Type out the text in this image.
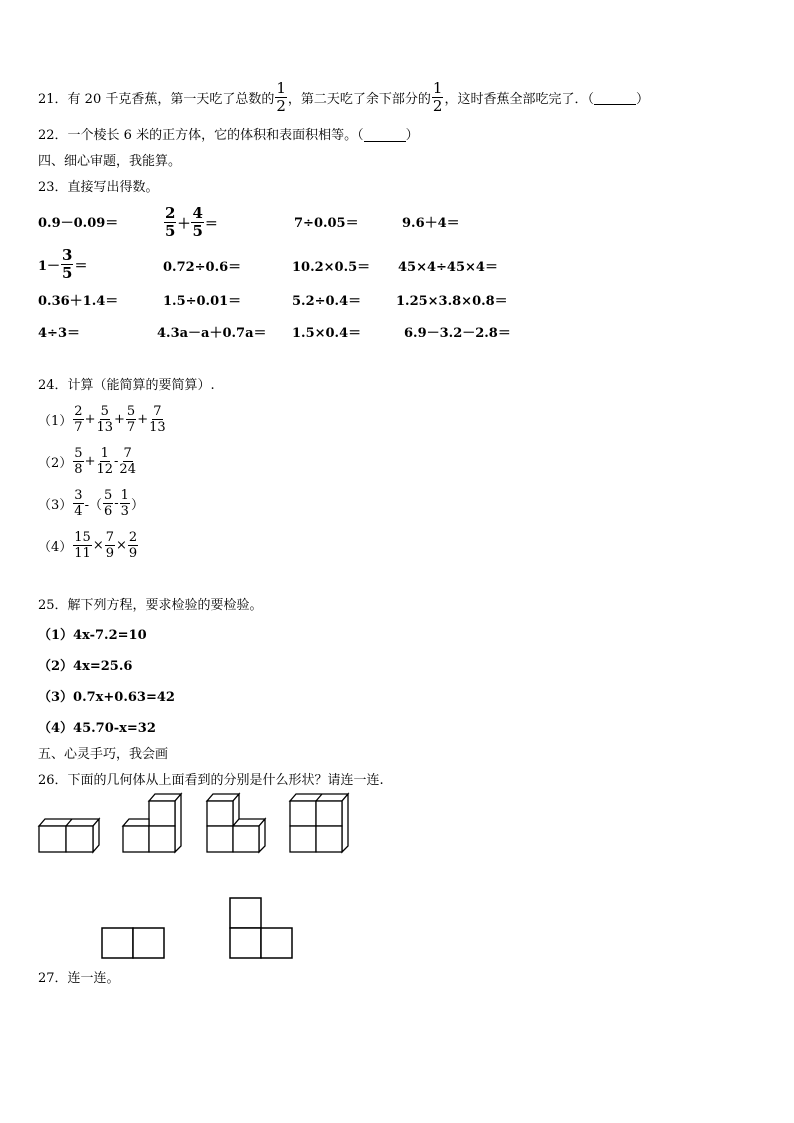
21．有 20 千克香蕉，第一天吃了总数的 $\frac{1}{2}$ ，第二天吃了余下部分的 $\frac{1}{2}$ ，这时香蕉全部吃完了．（
	）
22．一个棱长 6 米的正方体，它的体积和表面积相等。（
	）
四、细心审题，我能算。
23．直接写出得数。
0.9－0.09＝	$\frac{2}{5} + \frac{4}{5}$ ＝	7÷0.05＝	9.6＋4＝
$1- \frac{3}{5}$ ＝	0.72÷0.6＝	10.2×0.5＝ 45×4÷45×4＝
0.36＋1.4＝	1.5÷0.01＝	5.2÷0.4＝	1.25×3.8×0.8＝
4÷3＝	4.3a－a＋0.7a＝ 1.5×0.4＝	6.9－3.2－2.8＝
24．计算（能简算的要简算）.
$(1) \frac{2}{7} + \frac{5}{13} + \frac{5}{7} + \frac{7}{13}$
$(2) \frac{5}{8} + \frac{1}{12} - \frac{7}{24}$
$(3) \frac{3}{4}$ -（ $\frac{5}{6} - \frac{1}{3}$ ）
$(4) \frac{15}{11} \times \frac{7}{9} \times \frac{2}{9}$
25．解下列方程，要求检验的要检验。
（1）4x-7.2=10
（2）4x=25.6
（3）0.7x+0.63=42
（4）45.70-x=32
五、心灵手巧，我会画
26．下面的几何体从上面看到的分别是什么形状？请连一连.
27．连一连。
